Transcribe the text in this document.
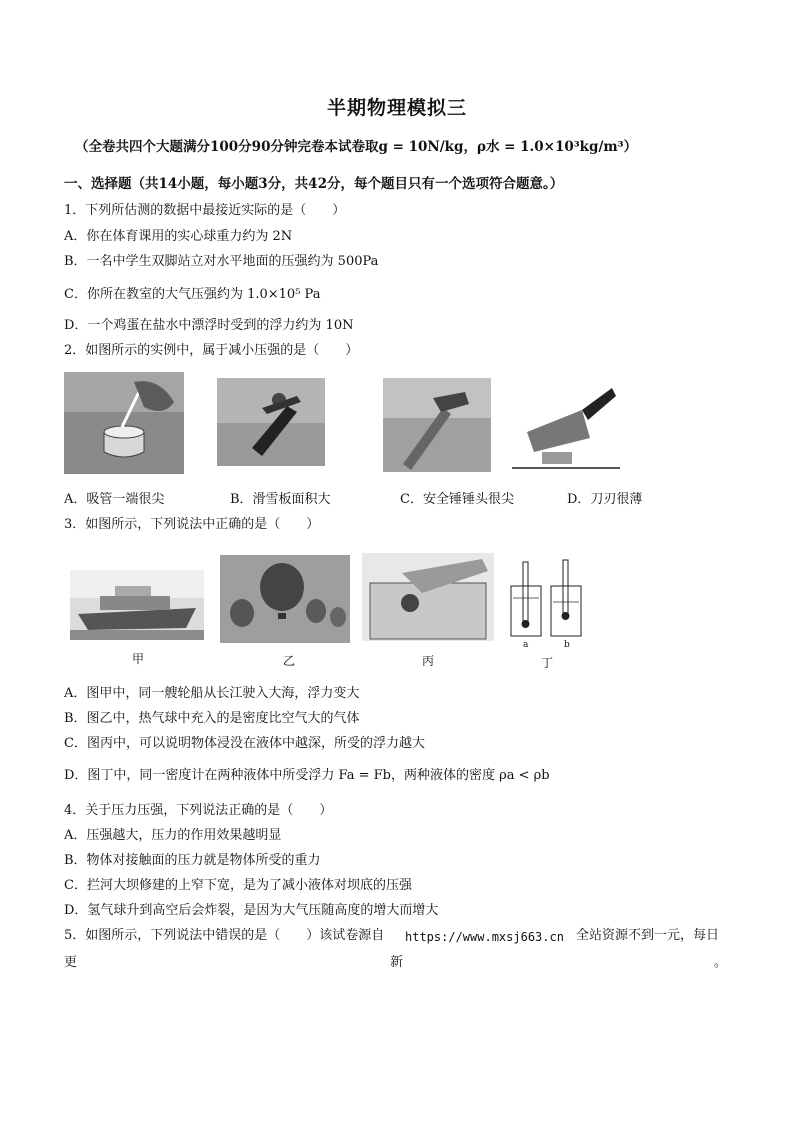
半期物理模拟三
（全卷共四个大题满分100分90分钟完卷本试卷取g = 10N/kg，ρ水 = 1.0×10³kg/m³）
一、选择题（共14小题，每小题3分，共42分，每个题目只有一个选项符合题意。）
1．下列所估测的数据中最接近实际的是（　　）
A．你在体育课用的实心球重力约为 2N
B．一名中学生双脚站立对水平地面的压强约为 500Pa
C．你所在教室的大气压强约为 1.0×10⁵ Pa
D．一个鸡蛋在盐水中漂浮时受到的浮力约为 10N
2．如图所示的实例中，属于减小压强的是（　　）
A．吸管一端很尖	B．滑雪板面积大	C．安全锤锤头很尖	D．刀刃很薄
3．如图所示，下列说法中正确的是（　　）
甲	乙	丙
a	b
丁
A．图甲中，同一艘轮船从长江驶入大海，浮力变大
B．图乙中，热气球中充入的是密度比空气大的气体
C．图丙中，可以说明物体浸没在液体中越深，所受的浮力越大
D．图丁中，同一密度计在两种液体中所受浮力 Fa = Fb，两种液体的密度 ρa < ρb
4．关于压力压强，下列说法正确的是（　　）
A．压强越大，压力的作用效果越明显
B．物体对接触面的压力就是物体所受的重力
C．拦河大坝修建的上窄下宽，是为了减小液体对坝底的压强
D．氢气球升到高空后会炸裂，是因为大气压随高度的增大而增大
5．如图所示，下列说法中错误的是（　　）该试卷源自 https://www.mxsj663.cn 全站资源不到一元，每日
更	新	。
